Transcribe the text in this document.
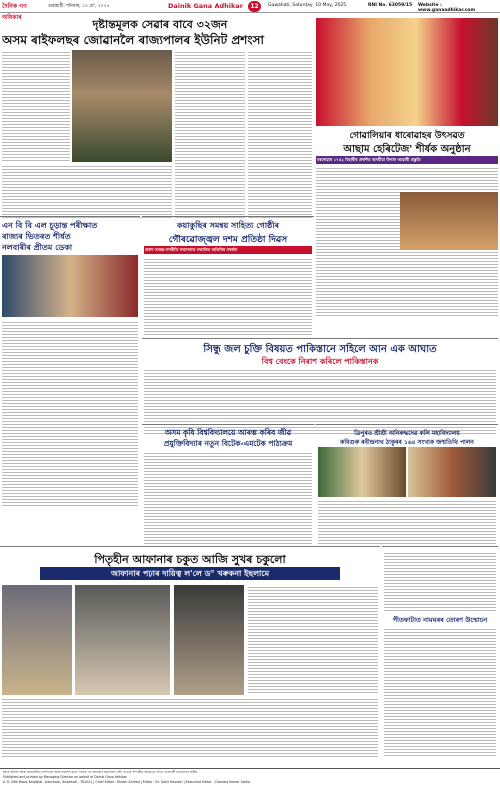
দৈনিক গণ অধিকাৰ
গুৱাহাটী, শনিবাৰ, ১০ মে', ২০২৫	Dainik Gana Adhikar	12	Guwahati, Saturday, 10 May, 2025	RNI No. 63059/15	Website : www.ganaadhikar.com
দৃষ্টান্তমূলক সেৱাৰ বাবে ৩২জন
অসম ৰাইফলছৰ জোৱানলৈ ৰাজ্যপালৰ ইউনিট প্ৰশংসা
গোৱালিয়াৰ ধাৰোৱাহৰ উৎসৱত
আছাম হেৰিটেজ' শীৰ্ষক অনুষ্ঠান
বৰদোৱাৰ ১৭৫২ বিহাৰীৰ প্ৰদৰ্শিত অসমীয়া উদ্যান আৱাৰী প্ৰস্তুতি
এন বি বি এল চূড়ান্ত পৰীক্ষাত
ৰাজ্যৰ ভিতৰত শীৰ্ষত
নলবাৰীৰ প্ৰীতম ডেকা
কয়াকুছিৰ সমন্বয় সাহিত্য গোষ্ঠীৰ
গৌৰৱোজ্জ্বল দশম প্ৰতিষ্ঠা দিৱস
প্ৰবাদ সমন্বয়-সম্প্ৰীতি সম্মাননাত সন্মানিত অতিথিৰ সম্বৰ্ধনা
সিন্ধু জল চুক্তি বিষয়ত পাকিস্তানে সহিলে আন এক আঘাত
বিশ্ব বেংকে নিৰাশ কৰিলে পাকিস্তানক
অসম কৃষি বিশ্ববিদ্যালয়ে আৰম্ভ কৰিব জীৱ
প্ৰযুক্তিবিদ্যাৰ নতুন বিটেক-এমটেক পাঠ্যক্ৰম
ত্ৰিপুৰত শ্ৰীশ্ৰী অনিৰুদ্ধদেৱ কলি মহাবিদ্যালয়
কবিগুৰু ৰবীন্দ্ৰনাথ ঠাকুৰৰ ১৬৪ সংখ্যক জন্মতিথি পালন
পিতৃহীন আফানাৰ চকুত আজি সুখৰ চকুলো
আফানাৰ পঢ়াৰ দায়িত্ব ল'লে ড° খৰুকনা ইছলামে
পীতফাটাত নামঘৰৰ তোৰণ উন্মোচন
ইয়াৰ উলিয়া আৰু কাৰ্য্যকৰীতা সম্পাদনা আৰু প্ৰকাশৰ বাবে দৈনিক গণ অধিকাৰ কাৰ্য্যালয় দায়ী, বাতৰি সম্পৰ্কীয় যিকোনো বিবাদ গুৱাহাটী ন্যায়ালয়ৰ অধীন
Published and printed by Managing Director on behalf of Dainik Gana Adhikar
A. K. Deb Road, Kalakhar, Ganchala, Guwahati - 781021 | Chief Editor : Khabir Ahmed | Editor : Dr. Zakir Hossain | Executive Editor : Chandra Kumar Saikia
